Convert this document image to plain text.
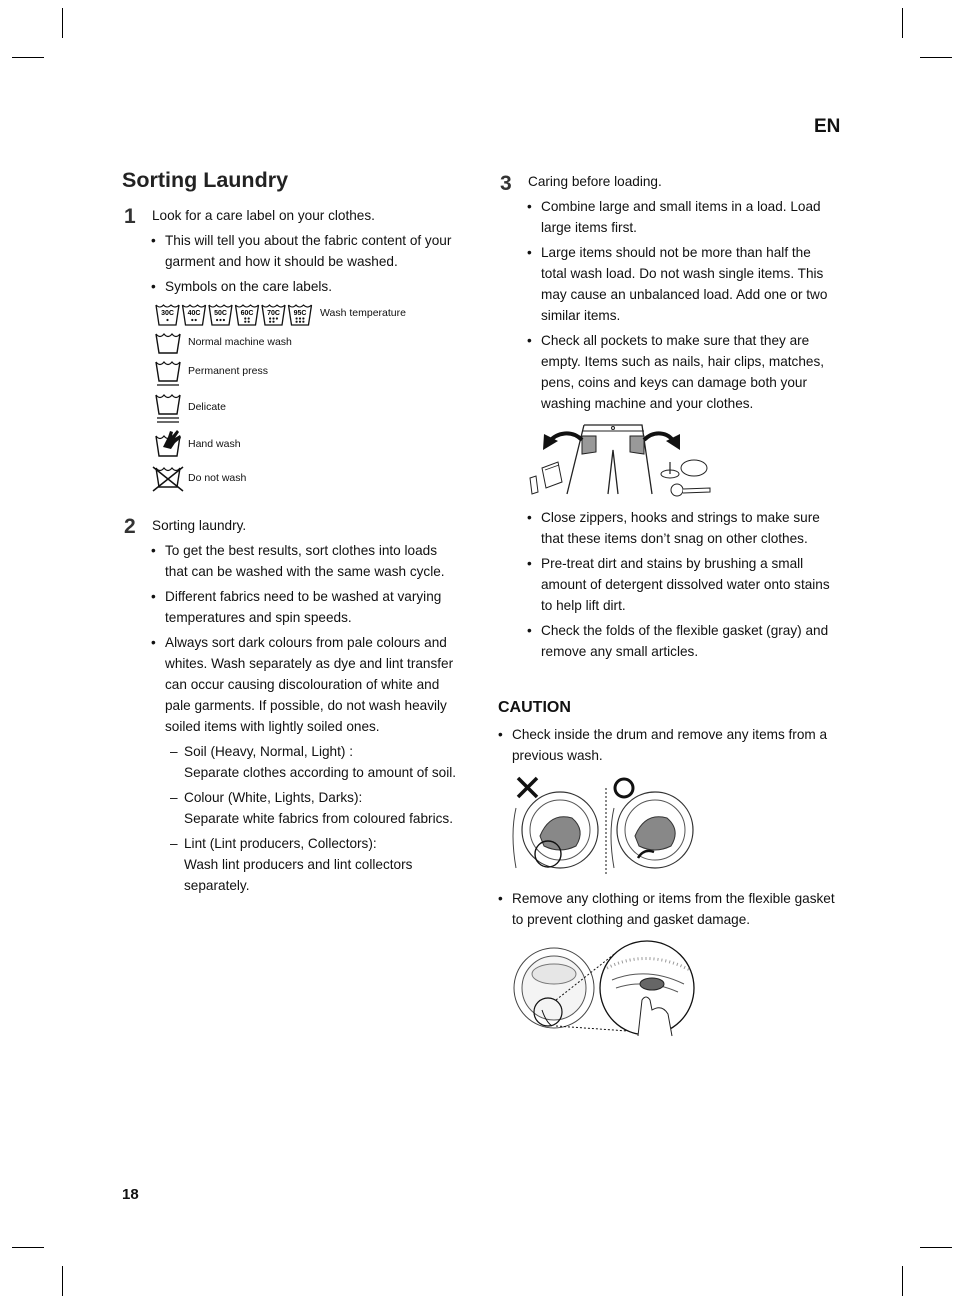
EN
Sorting Laundry
1 Look for a care label on your clothes.
• This will tell you about the fabric content of your
garment and how it should be washed.
• Symbols on the care labels.
30C 40C 50C 60C 70C 95C Wash temperature
Normal machine wash
Permanent press
Delicate
Hand wash
Do not wash
2 Sorting laundry.
• To get the best results, sort clothes into loads
that can be washed with the same wash cycle.
• Different fabrics need to be washed at varying
temperatures and spin speeds.
• Always sort dark colours from pale colours and
whites. Wash separately as dye and lint transfer
can occur causing discolouration of white and
pale garments. If possible, do not wash heavily
soiled items with lightly soiled ones.
– Soil (Heavy, Normal, Light) :
Separate clothes according to amount of soil.
– Colour (White, Lights, Darks):
Separate white fabrics from coloured fabrics.
– Lint (Lint producers, Collectors):
Wash lint producers and lint collectors
separately.
3 Caring before loading.
• Combine large and small items in a load. Load
large items first.
• Large items should not be more than half the
total wash load. Do not wash single items. This
may cause an unbalanced load. Add one or two
similar items.
• Check all pockets to make sure that they are
empty. Items such as nails, hair clips, matches,
pens, coins and keys can damage both your
washing machine and your clothes.
• Close zippers, hooks and strings to make sure
that these items don’t snag on other clothes.
• Pre-treat dirt and stains by brushing a small
amount of detergent dissolved water onto stains
to help lift dirt.
• Check the folds of the flexible gasket (gray) and
remove any small articles.
CAUTION
• Check inside the drum and remove any items from a
previous wash.
• Remove any clothing or items from the flexible gasket
to prevent clothing and gasket damage.
18
